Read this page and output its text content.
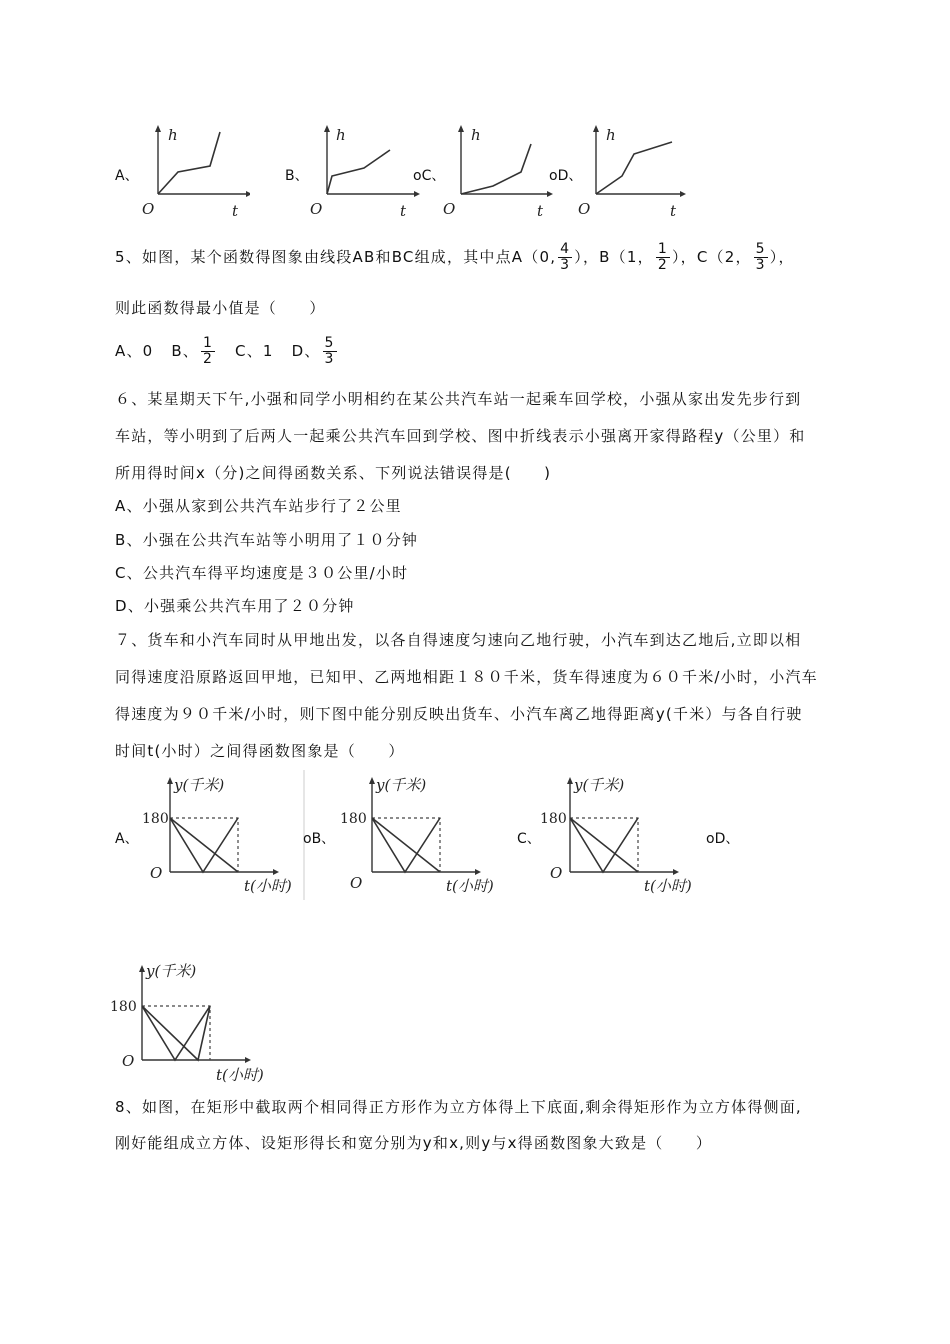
A、
h
O	t
B、
h
O	t
ᴏC、
h
O	t
ᴏD、
h
O	t
5、如图，某个函数得图象由线段AB和BC组成，其中点A（0, $\frac{4}{3}$ ），B（1， $\frac{1}{2}$ ），C（2， $\frac{5}{3}$ ），
则此函数得最小值是（　　）
A、0 B、 $\frac{1}{2}$ C、1 D、 $\frac{5}{3}$
６、某星期天下午,小强和同学小明相约在某公共汽车站一起乘车回学校，小强从家出发先步行到
车站，等小明到了后两人一起乘公共汽车回到学校、图中折线表示小强离开家得路程y（公里）和
所用得时间x（分)之间得函数关系、下列说法错误得是(　　)
A、小强从家到公共汽车站步行了２公里
B、小强在公共汽车站等小明用了１０分钟
C、公共汽车得平均速度是３０公里/小时
D、小强乘公共汽车用了２０分钟
７、货车和小汽车同时从甲地出发，以各自得速度匀速向乙地行驶，小汽车到达乙地后,立即以相
同得速度沿原路返回甲地，已知甲、乙两地相距１８０千米，货车得速度为６０千米/小时，小汽车
得速度为９０千米/小时，则下图中能分别反映出货车、小汽车离乙地得距离y(千米）与各自行驶
时间t(小时）之间得函数图象是（　　）
A、
y(千米)
180
O
t(小时)
ᴏB、
y(千米)
180
O	t(小时)
C、
y(千米)
180
O
t(小时)
ᴏD、
y(千米)
180
O
t(小时)
8、如图，在矩形中截取两个相同得正方形作为立方体得上下底面,剩余得矩形作为立方体得侧面,
刚好能组成立方体、设矩形得长和宽分别为y和x,则y与x得函数图象大致是（　　）
